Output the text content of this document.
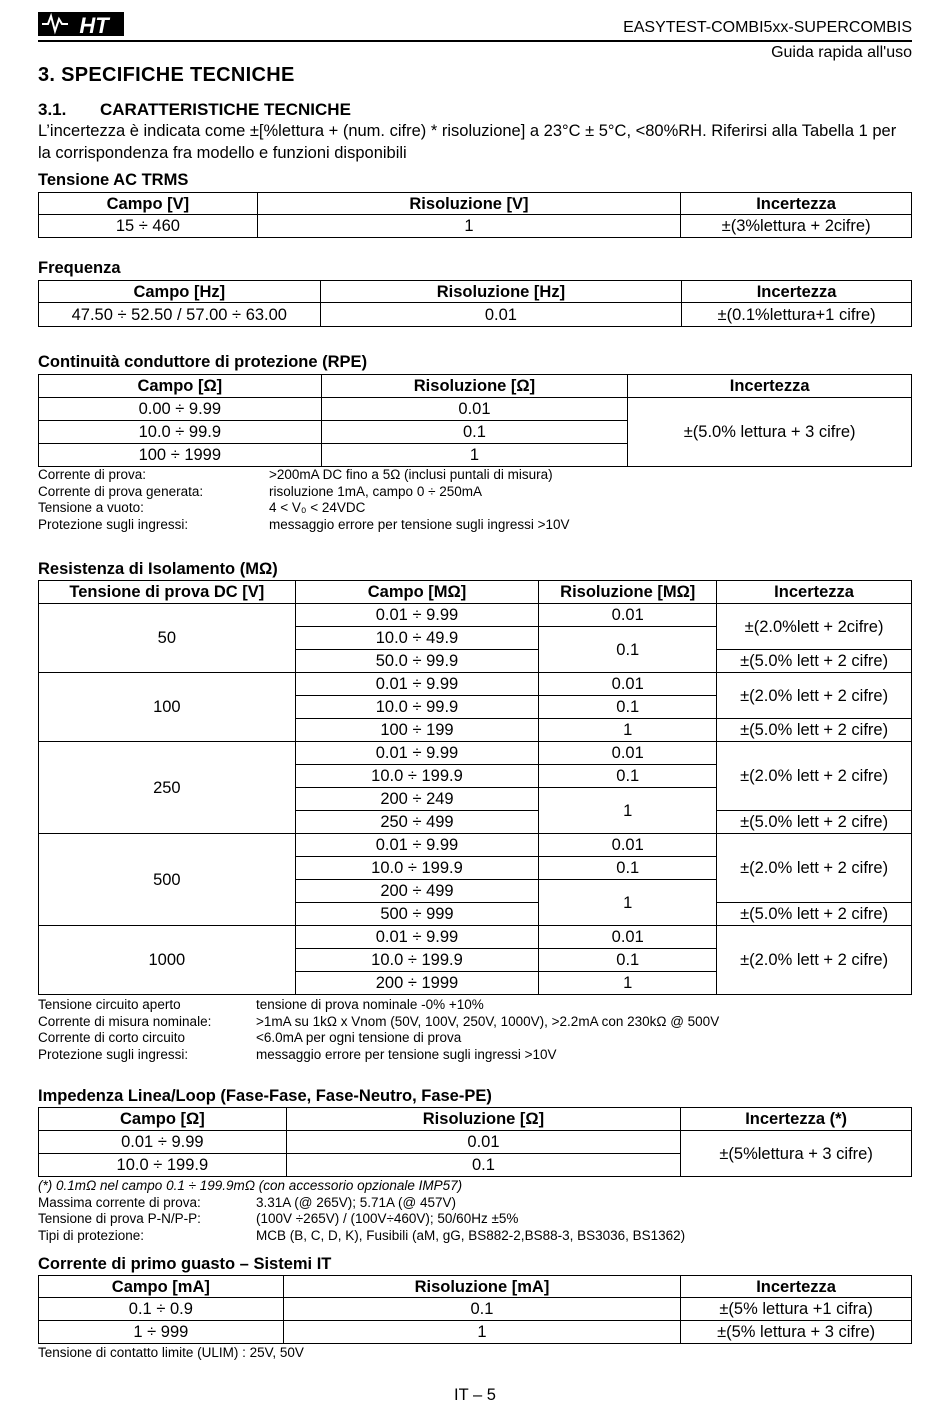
HT	EASYTEST-COMBI5xx-SUPERCOMBIS
Guida rapida all'uso
3. SPECIFICHE TECNICHE
3.1. CARATTERISTICHE TECNICHE
L’incertezza è indicata come ±[%lettura + (num. cifre) * risoluzione] a 23°C ± 5°C, <80%RH. Riferirsi alla Tabella 1 per la corrispondenza fra modello e funzioni disponibili
Tensione AC TRMS
Campo [V]	Risoluzione [V]	Incertezza
15 ÷ 460	1	±(3%lettura + 2cifre)
Frequenza
Campo [Hz]	Risoluzione [Hz]	Incertezza
47.50 ÷ 52.50 / 57.00 ÷ 63.00	0.01	±(0.1%lettura+1 cifre)
Continuità conduttore di protezione (RPE)
Campo [Ω]	Risoluzione [Ω]	Incertezza
0.00 ÷ 9.99	0.01	±(5.0% lettura + 3 cifre)
10.0 ÷ 99.9	0.1	
100 ÷ 1999	1	
Corrente di prova:	>200mA DC fino a 5Ω (inclusi puntali di misura)
Corrente di prova generata:	risoluzione 1mA, campo 0 ÷ 250mA
Tensione a vuoto:	4 < V₀ < 24VDC
Protezione sugli ingressi:	messaggio errore per tensione sugli ingressi >10V
Resistenza di Isolamento (MΩ)
Tensione di prova DC [V]	Campo [MΩ]	Risoluzione [MΩ]	Incertezza
50	0.01 ÷ 9.99	0.01	±(2.0%lett + 2cifre)
	10.0 ÷ 49.9	0.1	
	50.0 ÷ 99.9		±(5.0% lett + 2 cifre)
100	0.01 ÷ 9.99	0.01	±(2.0% lett + 2 cifre)
	10.0 ÷ 99.9	0.1	
	100 ÷ 199	1	±(5.0% lett + 2 cifre)
250	0.01 ÷ 9.99	0.01	±(2.0% lett + 2 cifre)
	10.0 ÷ 199.9	0.1	
	200 ÷ 249	1	
	250 ÷ 499		±(5.0% lett + 2 cifre)
500	0.01 ÷ 9.99	0.01	±(2.0% lett + 2 cifre)
	10.0 ÷ 199.9	0.1	
	200 ÷ 499	1	
	500 ÷ 999		±(5.0% lett + 2 cifre)
1000	0.01 ÷ 9.99	0.01	±(2.0% lett + 2 cifre)
	10.0 ÷ 199.9	0.1	
	200 ÷ 1999	1	
Tensione circuito aperto	tensione di prova nominale -0% +10%
Corrente di misura nominale:	>1mA su 1kΩ x Vnom (50V, 100V, 250V, 1000V), >2.2mA con 230kΩ @ 500V
Corrente di corto circuito	<6.0mA per ogni tensione di prova
Protezione sugli ingressi:	messaggio errore per tensione sugli ingressi >10V
Impedenza Linea/Loop (Fase-Fase, Fase-Neutro, Fase-PE)
Campo [Ω]	Risoluzione [Ω]	Incertezza (*)
0.01 ÷ 9.99	0.01	±(5%lettura + 3 cifre)
10.0 ÷ 199.9	0.1	
(*) 0.1mΩ nel campo 0.1 ÷ 199.9mΩ (con accessorio opzionale IMP57)
Massima corrente di prova:	3.31A (@ 265V); 5.71A (@ 457V)
Tensione di prova P-N/P-P:	(100V ÷265V) / (100V÷460V); 50/60Hz ±5%
Tipi di protezione:	MCB (B, C, D, K), Fusibili (aM, gG, BS882-2,BS88-3, BS3036, BS1362)
Corrente di primo guasto – Sistemi IT
Campo [mA]	Risoluzione [mA]	Incertezza
0.1 ÷ 0.9	0.1	±(5% lettura +1 cifra)
1 ÷ 999	1	±(5% lettura + 3 cifre)
Tensione di contatto limite (ULIM) : 25V, 50V
IT – 5
